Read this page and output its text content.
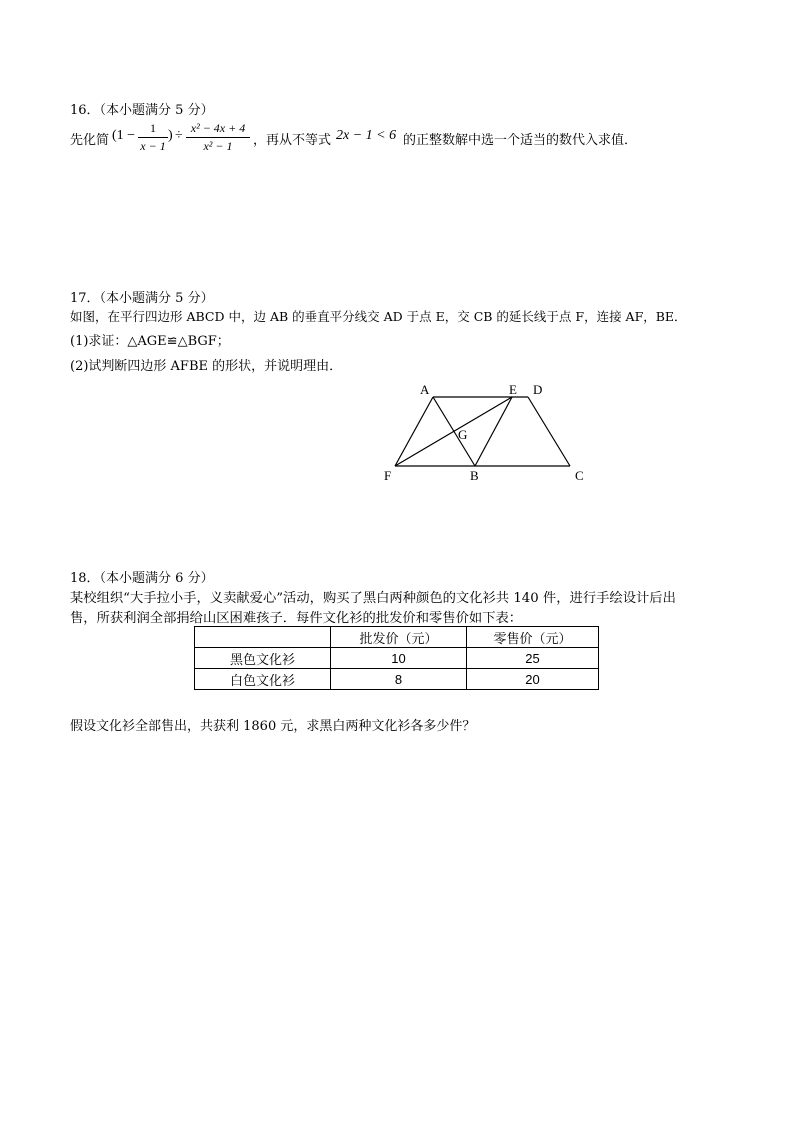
16．（本小题满分 5 分）
先化简 (1 −	1
x − 1
) ÷ x² − 4x + 4
x² − 1	，再从不等式 2x − 1 < 6 的正整数解中选一个适当的数代入求值．
17．（本小题满分 5 分）
如图，在平行四边形 ABCD 中，边 AB 的垂直平分线交 AD 于点 E，交 CB 的延长线于点 F，连接 AF，BE．
(1)求证：△AGE≌△BGF；
(2)试判断四边形 AFBE 的形状，并说明理由．
A	E D
G
F	B	C
18．（本小题满分 6 分）
某校组织“大手拉小手，义卖献爱心”活动，购买了黑白两种颜色的文化衫共 140 件，进行手绘设计后出
售，所获利润全部捐给山区困难孩子．每件文化衫的批发价和零售价如下表：
	批发价（元）	零售价（元）
黑色文化衫	10	25
白色文化衫	8	20
假设文化衫全部售出，共获利 1860 元，求黑白两种文化衫各多少件？
